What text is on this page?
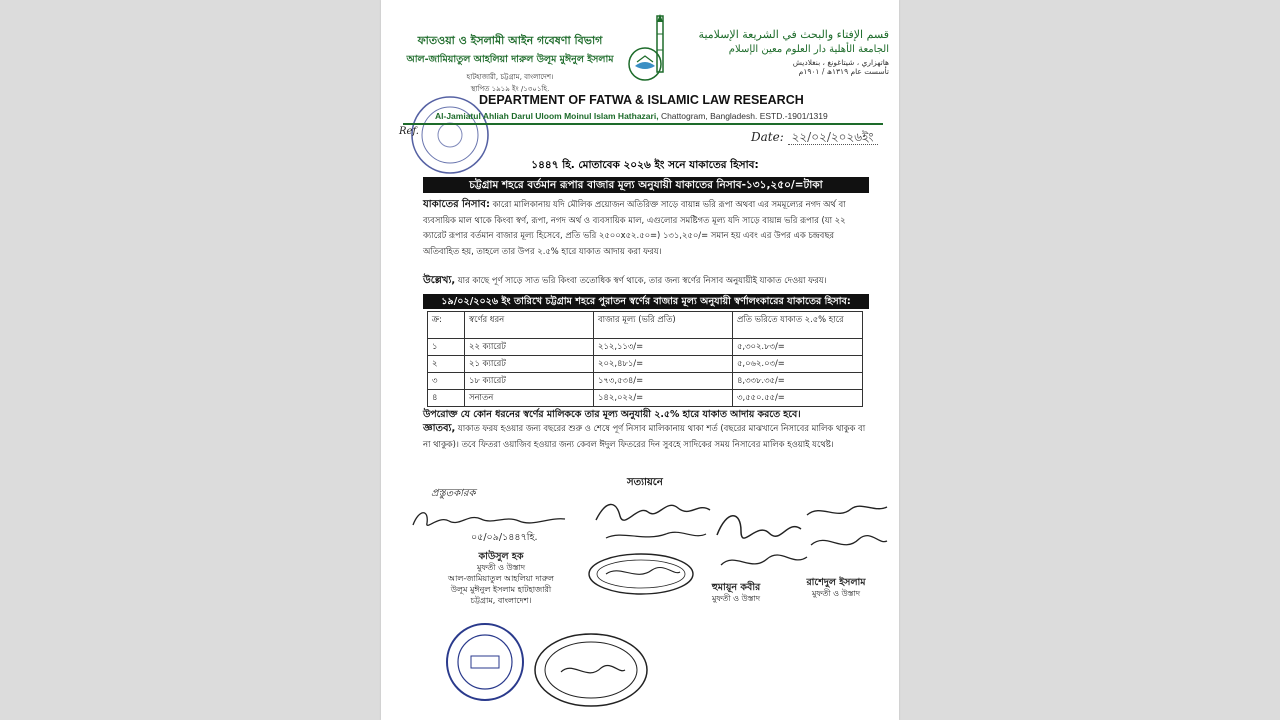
ফাতওয়া ও ইসলামী আইন গবেষণা বিভাগ
আল-জামিয়াতুল আহলিয়া দারুল উলূম মুঈনুল ইসলাম
হাটহাজারী, চট্টগ্রাম, বাংলাদেশ।
স্থাপিত ১৯১৯ ইং /১৩০১হি.
قسم الإفتاء والبحث في الشريعة الإسلامية
الجامعة الأهلية دار العلوم معين الإسلام
هاتهزاري ، شيتاغونغ ، بنغلاديش
تأسست عام ١٣١٩ھ / ١٩٠١م
DEPARTMENT OF FATWA & ISLAMIC LAW RESEARCH
Al-Jamiatul Ahliah Darul Uloom Moinul Islam Hathazari, Chattogram, Bangladesh. ESTD.-1901/1319
Ref.	Date: ২২/০২/২০২৬ইং
১৪৪৭ হি. মোতাবেক ২০২৬ ইং সনে যাকাতের হিসাব:
চট্টগ্রাম শহরে বর্তমান রূপার বাজার মূল্য অনুযায়ী যাকাতের নিসাব-১৩১,২৫০/=টাকা
যাকাতের নিসাব: কারো মালিকানায় যদি মৌলিক প্রয়োজন অতিরিক্ত সাড়ে বায়ান্ন ভরি রূপা অথবা এর সমমূল্যের নগদ অর্থ বা ব্যবসায়িক মাল থাকে কিংবা স্বর্ণ, রূপা, নগদ অর্থ ও ব্যবসায়িক মাল, এগুলোর সমষ্টিগত মূল্য যদি সাড়ে বায়ান্ন ভরি রূপার (যা ২২ ক্যারেট রূপার বর্তমান বাজার মূল্য হিসেবে, প্রতি ভরি ২৫০০x৫২.৫০=) ১৩১,২৫০/= সমান হয় এবং এর উপর এক চন্দ্রবছর অতিবাহিত হয়, তাহলে তার উপর ২.৫% হারে যাকাত আদায় করা ফরয।
উল্লেখ্য, যার কাছে পূর্ণ সাড়ে সাত ভরি কিংবা ততোধিক স্বর্ণ থাকে, তার জন্য স্বর্ণের নিসাব অনুযায়ীই যাকাত দেওয়া ফরয।
১৯/০২/২০২৬ ইং তারিখে চট্টগ্রাম শহরে পুরাতন স্বর্ণের বাজার মূল্য অনুযায়ী স্বর্ণালংকারের যাকাতের হিসাব:
ক্র:	স্বর্ণের ধরন	বাজার মূল্য (ভরি প্রতি)	প্রতি ভরিতে যাকাত ২.৫% হারে
১	২২ ক্যারেট	২১২,১১৩/=	৫,৩০২.৮৩/=
২	২১ ক্যারেট	২০২,৪৮১/=	৫,০৬২.০৩/=
৩	১৮ ক্যারেট	১৭৩,৫৩৪/=	৪,৩৩৮.৩৫/=
৪	সনাতন	১৪২,০২২/=	৩,৫৫০.৫৫/=
উপরোক্ত যে কোন ধরনের স্বর্ণের মালিককে তার মূল্য অনুযায়ী ২.৫% হারে যাকাত আদায় করতে হবে।
জ্ঞাতব্য, যাকাত ফরয হওয়ার জন্য বছরের শুরু ও শেষে পূর্ণ নিসাব মালিকানায় থাকা শর্ত (বছরের মাঝখানে নিসাবের মালিক থাকুক বা না থাকুক)। তবে ফিতরা ওয়াজিব হওয়ার জন্য কেবল ঈদুল ফিতরের দিন সুবহে সাদিকের সময় নিসাবের মালিক হওয়াই যথেষ্ট।
সত্যায়নে
প্রস্তুতকারক
০৫/০৯/১৪৪৭হি.
কাউসুল হক
মুফতী ও উস্তাদ
আল-জামিয়াতুল আহলিয়া দারুল
উলূম মুঈনুল ইসলাম হাটহাজারী
চট্টগ্রাম, বাংলাদেশ।
হুমায়ূন কবীর
মুফতী ও উস্তাদ
রাশেদুল ইসলাম
মুফতী ও উস্তাদ
